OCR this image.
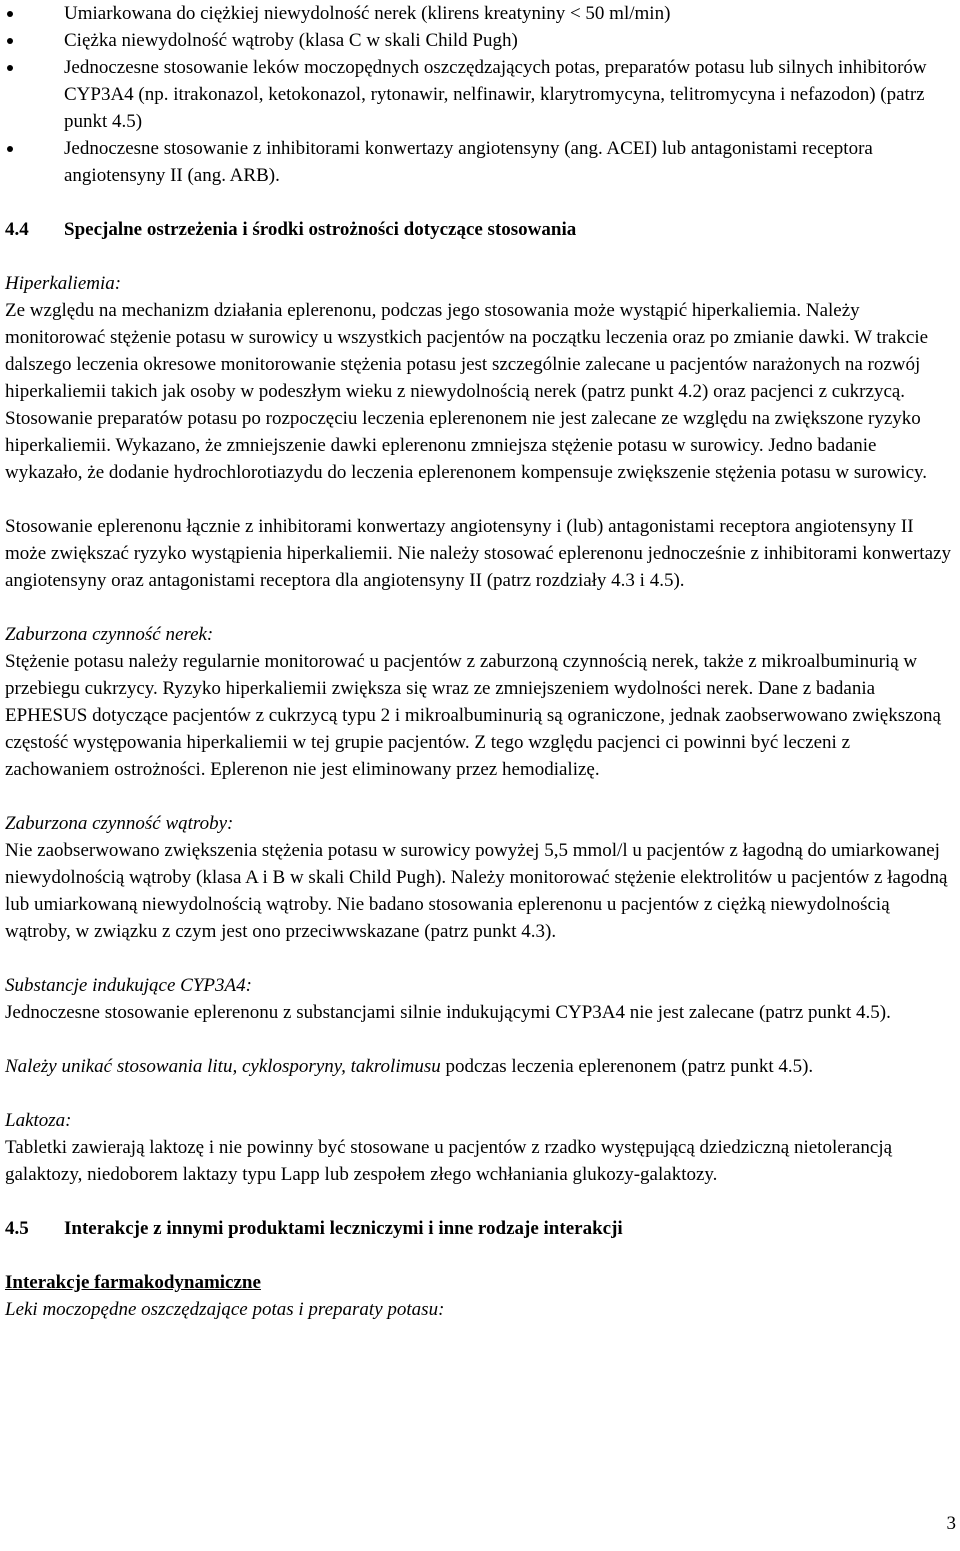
Umiarkowana do ciężkiej niewydolność nerek (klirens kreatyniny < 50 ml/min)
Ciężka niewydolność wątroby (klasa C w skali Child Pugh)
Jednoczesne stosowanie leków moczopędnych oszczędzających potas, preparatów potasu lub silnych inhibitorów CYP3A4 (np. itrakonazol, ketokonazol, rytonawir, nelfinawir, klarytromycyna, telitromycyna i nefazodon) (patrz punkt 4.5)
Jednoczesne stosowanie z inhibitorami konwertazy angiotensyny (ang. ACEI) lub antagonistami receptora angiotensyny II (ang. ARB).
4.4	Specjalne ostrzeżenia i środki ostrożności dotyczące stosowania

Hiperkaliemia:

Ze względu na mechanizm działania eplerenonu, podczas jego stosowania może wystąpić hiperkaliemia. Należy monitorować stężenie potasu w surowicy u wszystkich pacjentów na początku leczenia oraz po zmianie dawki. W trakcie dalszego leczenia okresowe monitorowanie stężenia potasu jest szczególnie zalecane u pacjentów narażonych na rozwój hiperkaliemii takich jak osoby w podeszłym wieku z niewydolnością nerek (patrz punkt 4.2) oraz pacjenci z cukrzycą. Stosowanie preparatów potasu po rozpoczęciu leczenia eplerenonem nie jest zalecane ze względu na zwiększone ryzyko hiperkaliemii. Wykazano, że zmniejszenie dawki eplerenonu zmniejsza stężenie potasu w surowicy. Jedno badanie wykazało, że dodanie hydrochlorotiazydu do leczenia eplerenonem kompensuje zwiększenie stężenia potasu w surowicy.

Stosowanie eplerenonu łącznie z inhibitorami konwertazy angiotensyny i (lub) antagonistami receptora angiotensyny II może zwiększać ryzyko wystąpienia hiperkaliemii. Nie należy stosować eplerenonu jednocześnie z inhibitorami konwertazy angiotensyny oraz antagonistami receptora dla angiotensyny II (patrz rozdziały 4.3 i 4.5).

Zaburzona czynność nerek:

Stężenie potasu należy regularnie monitorować u pacjentów z zaburzoną czynnością nerek, także z mikroalbuminurią w przebiegu cukrzycy. Ryzyko hiperkaliemii zwiększa się wraz ze zmniejszeniem wydolności nerek. Dane z badania EPHESUS dotyczące pacjentów z cukrzycą typu 2 i mikroalbuminurią są ograniczone, jednak zaobserwowano zwiększoną częstość występowania hiperkaliemii w tej grupie pacjentów. Z tego względu pacjenci ci powinni być leczeni z zachowaniem ostrożności. Eplerenon nie jest eliminowany przez hemodializę.

Zaburzona czynność wątroby:

Nie zaobserwowano zwiększenia stężenia potasu w surowicy powyżej 5,5 mmol/l u pacjentów z łagodną do umiarkowanej niewydolnością wątroby (klasa A i B w skali Child Pugh). Należy monitorować stężenie elektrolitów u pacjentów z łagodną lub umiarkowaną niewydolnością wątroby. Nie badano stosowania eplerenonu u pacjentów z ciężką niewydolnością wątroby, w związku z czym jest ono przeciwwskazane (patrz punkt 4.3).

Substancje indukujące CYP3A4:

Jednoczesne stosowanie eplerenonu z substancjami silnie indukującymi CYP3A4 nie jest zalecane (patrz punkt 4.5).

Należy unikać stosowania litu, cyklosporyny, takrolimusu podczas leczenia eplerenonem (patrz punkt 4.5).

Laktoza:

Tabletki zawierają laktozę i nie powinny być stosowane u pacjentów z rzadko występującą dziedziczną nietolerancją galaktozy, niedoborem laktazy typu Lapp lub zespołem złego wchłaniania glukozy-galaktozy.

4.5	Interakcje z innymi produktami leczniczymi i inne rodzaje interakcji

Interakcje farmakodynamiczne

Leki moczopędne oszczędzające potas i preparaty potasu:

3
